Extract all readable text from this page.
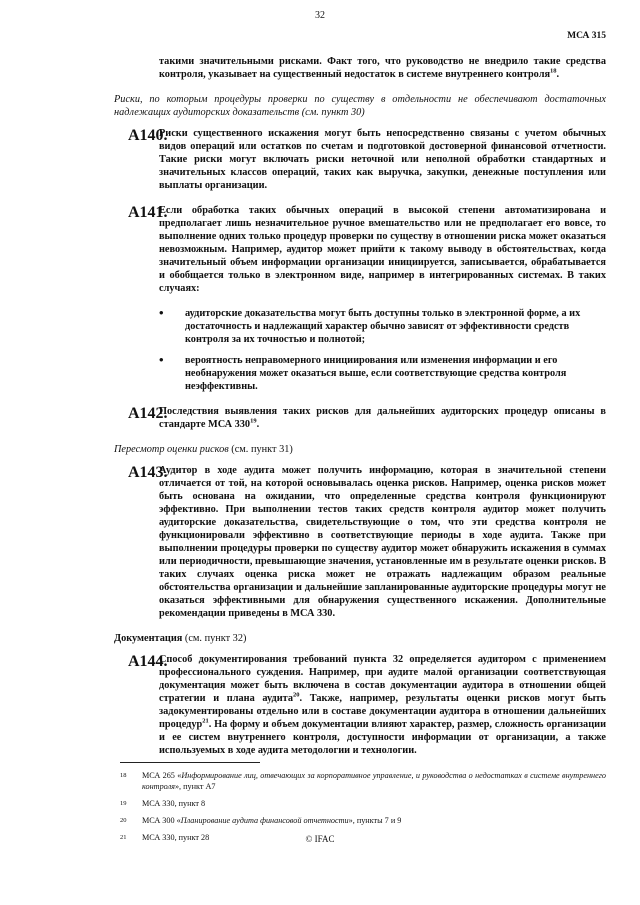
32
МСА 315

такими значительными рисками. Факт того, что руководство не внедрило такие средства контроля, указывает на существенный недостаток в системе внутреннего контроля$^{18}$.

Риски, по которым процедуры проверки по существу в отдельности не обеспечивают достаточных надлежащих аудиторских доказательств (см. пункт 30)

A140.

Риски существенного искажения могут быть непосредственно связаны с учетом обычных видов операций или остатков по счетам и подготовкой достоверной финансовой отчетности. Такие риски могут включать риски неточной или неполной обработки стандартных и значительных классов операций, таких как выручка, закупки, денежные поступления или выплаты организации.

A141.

Если обработка таких обычных операций в высокой степени автоматизирована и предполагает лишь незначительное ручное вмешательство или не предполагает его вовсе, то выполнение одних только процедур проверки по существу в отношении риска может оказаться невозможным. Например, аудитор может прийти к такому выводу в обстоятельствах, когда значительный объем информации организации инициируется, записывается, обрабатывается и обобщается только в электронном виде, например в интегрированных системах. В таких случаях:

• аудиторские доказательства могут быть доступны только в электронной форме, а их достаточность и надлежащий характер обычно зависят от эффективности средств контроля за их точностью и полнотой;

• вероятность неправомерного инициирования или изменения информации и его необнаружения может оказаться выше, если соответствующие средства контроля неэффективны.

A142.

Последствия выявления таких рисков для дальнейших аудиторских процедур описаны в стандарте МСА $330^{19}$.

Пересмотр оценки рисков (см. пункт 31)

A143.

Аудитор в ходе аудита может получить информацию, которая в значительной степени отличается от той, на которой основывалась оценка рисков. Например, оценка рисков может быть основана на ожидании, что определенные средства контроля функционируют эффективно. При выполнении тестов таких средств контроля аудитор может получить аудиторские доказательства, свидетельствующие о том, что эти средства контроля не функционировали эффективно в соответствующие периоды в ходе аудита. Также при выполнении процедуры проверки по существу аудитор может обнаружить искажения в суммах или периодичности, превышающие значения, установленные им в результате оценки рисков. В таких случаях оценка риска может не отражать надлежащим образом реальные обстоятельства организации и дальнейшие запланированные аудиторские процедуры могут не оказаться эффективными для обнаружения существенного искажения. Дополнительные рекомендации приведены в МСА 330.

Документация (см. пункт 32)

A144.

Способ документирования требований пункта 32 определяется аудитором с применением профессионального суждения. Например, при аудите малой организации соответствующая документация может быть включена в состав документации аудитора в отношении общей стратегии и плана аудита$^{20}$. Также, например, результаты оценки рисков могут быть задокументированы отдельно или в составе документации аудитора в отношении дальнейших процедур$^{21}$. На форму и объем документации влияют характер, размер, сложность организации и ее систем внутреннего контроля, доступности информации от организации, а также используемых в ходе аудита методологии и технологии.

18 МСА 265 «Информирование лиц, отвечающих за корпоративное управление, и руководства о недостатках в системе внутреннего контроля», пункт А7
19 МСА 330, пункт 8
20 МСА 300 «Планирование аудита финансовой отчетности», пункты 7 и 9
21 МСА 330, пункт 28	© IFAC
